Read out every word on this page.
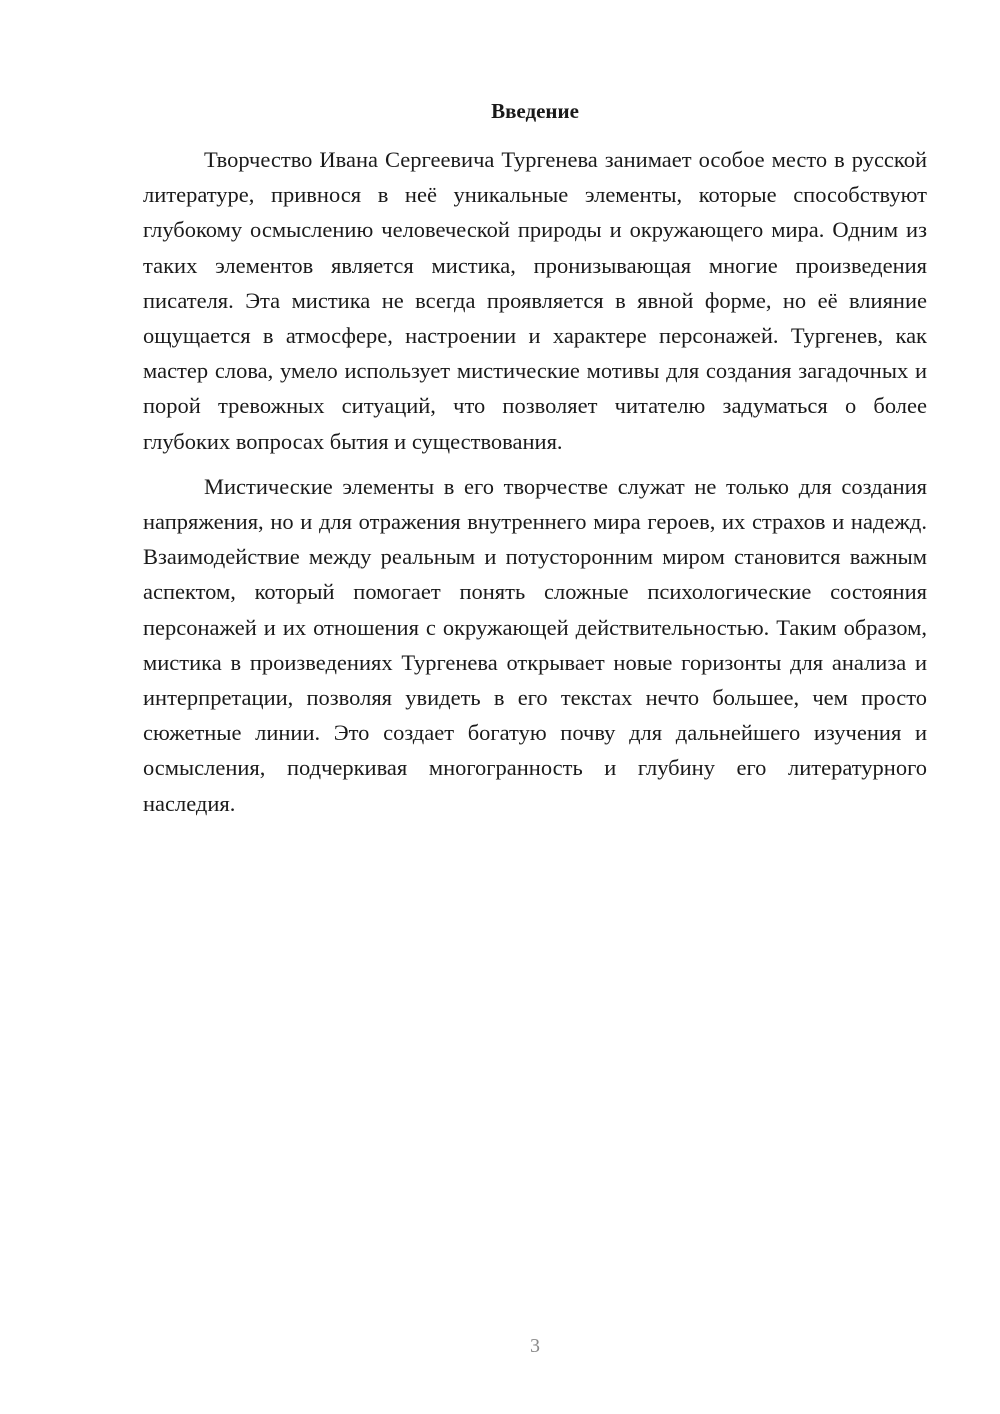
Введение

Творчество Ивана Сергеевича Тургенева занимает особое место в русской литературе, привнося в неё уникальные элементы, которые способствуют глубокому осмыслению человеческой природы и окружающего мира. Одним из таких элементов является мистика, пронизывающая многие произведения писателя. Эта мистика не всегда проявляется в явной форме, но её влияние ощущается в атмосфере, настроении и характере персонажей. Тургенев, как мастер слова, умело использует мистические мотивы для создания загадочных и порой тревожных ситуаций, что позволяет читателю задуматься о более глубоких вопросах бытия и существования.

Мистические элементы в его творчестве служат не только для создания напряжения, но и для отражения внутреннего мира героев, их страхов и надежд. Взаимодействие между реальным и потусторонним миром становится важным аспектом, который помогает понять сложные психологические состояния персонажей и их отношения с окружающей действительностью. Таким образом, мистика в произведениях Тургенева открывает новые горизонты для анализа и интерпретации, позволяя увидеть в его текстах нечто большее, чем просто сюжетные линии. Это создает богатую почву для дальнейшего изучения и осмысления, подчеркивая многогранность и глубину его литературного наследия.

3
